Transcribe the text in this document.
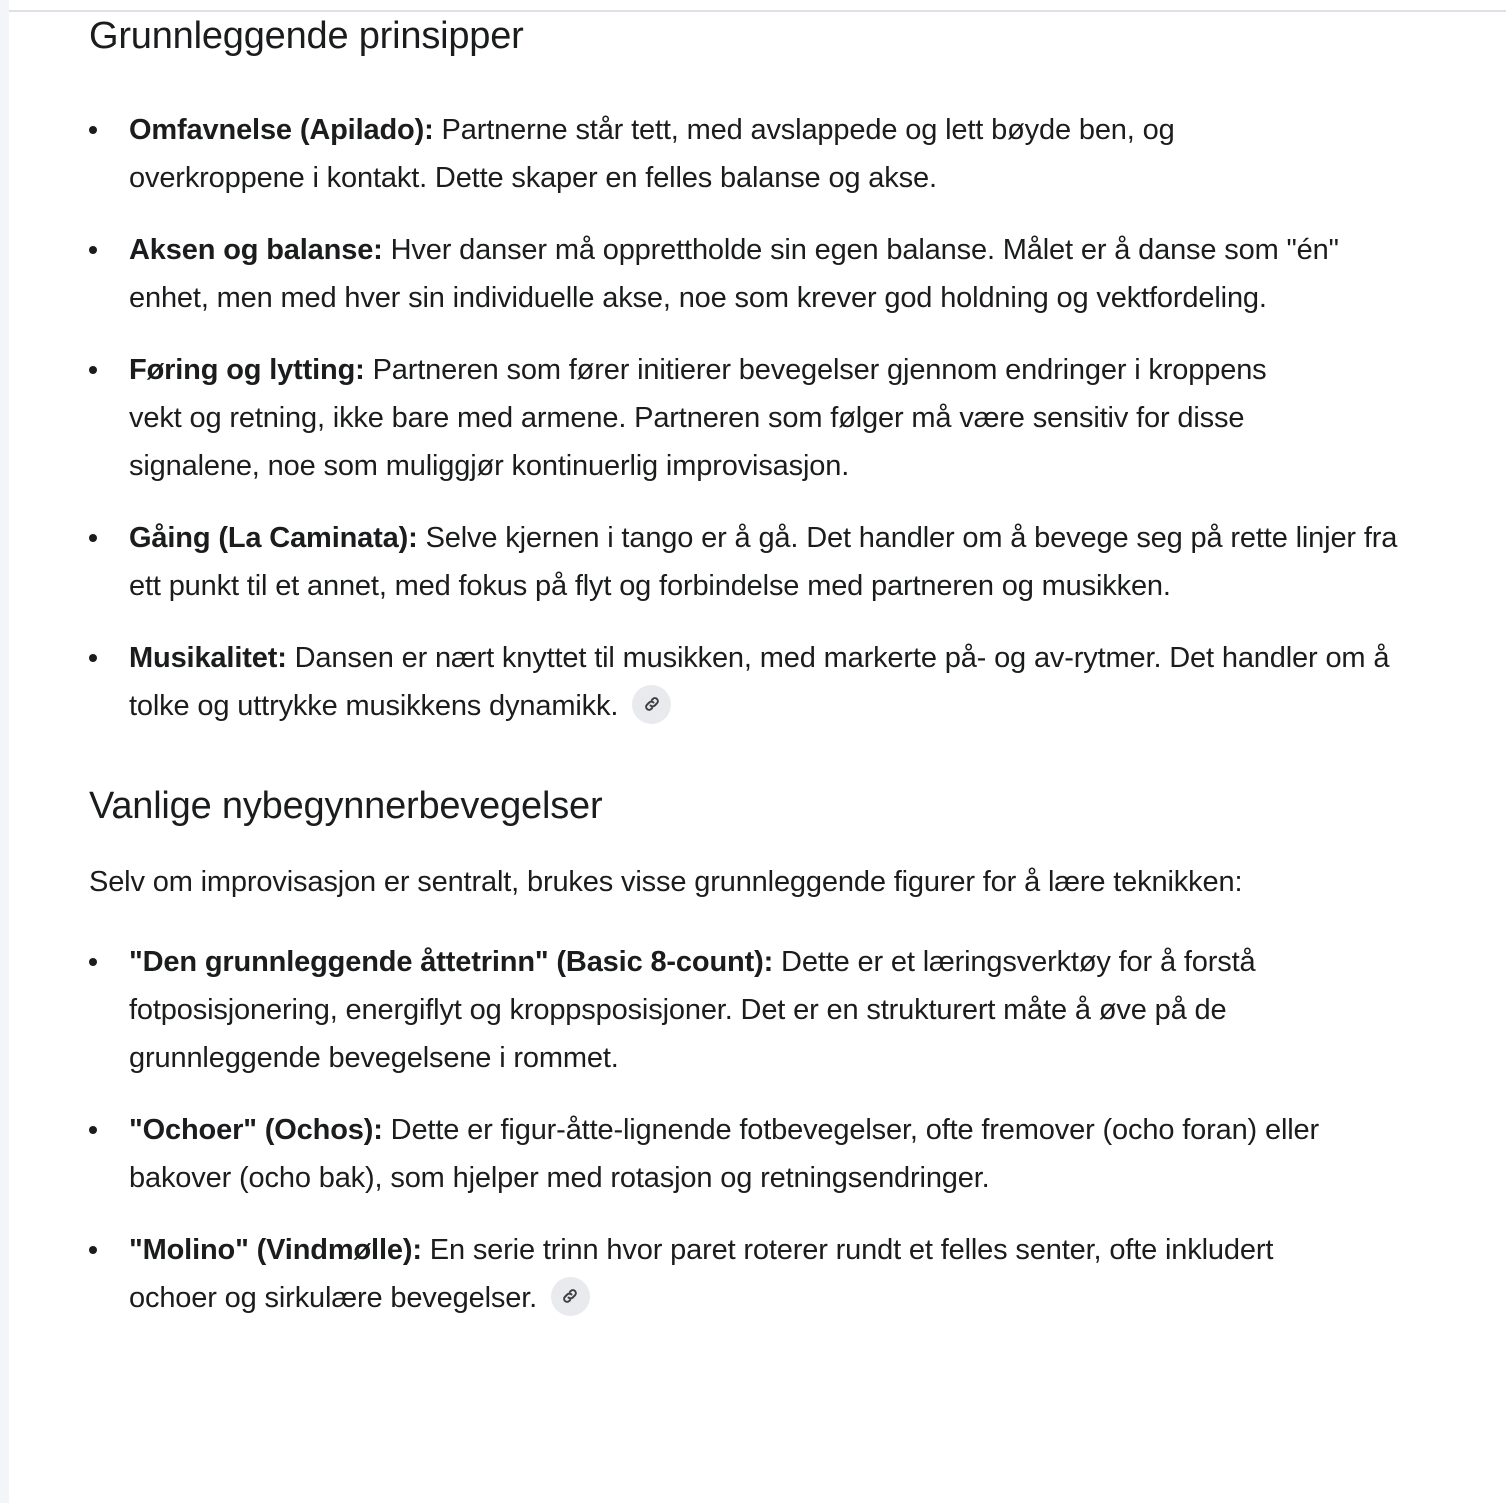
Grunnleggende prinsipper
Omfavnelse (Apilado): Partnerne står tett, med avslappede og lett bøyde ben, og overkroppene i kontakt. Dette skaper en felles balanse og akse.
Aksen og balanse: Hver danser må opprettholde sin egen balanse. Målet er å danse som "én" enhet, men med hver sin individuelle akse, noe som krever god holdning og vektfordeling.
Føring og lytting: Partneren som fører initierer bevegelser gjennom endringer i kroppens vekt og retning, ikke bare med armene. Partneren som følger må være sensitiv for disse signalene, noe som muliggjør kontinuerlig improvisasjon.
Gåing (La Caminata): Selve kjernen i tango er å gå. Det handler om å bevege seg på rette linjer fra ett punkt til et annet, med fokus på flyt og forbindelse med partneren og musikken.
Musikalitet: Dansen er nært knyttet til musikken, med markerte på- og av-rytmer. Det handler om å tolke og uttrykke musikkens dynamikk.
Vanlige nybegynnerbevegelser

Selv om improvisasjon er sentralt, brukes visse grunnleggende figurer for å lære teknikken:

"Den grunnleggende åttetrinn" (Basic 8-count): Dette er et læringsverktøy for å forstå fotposisjonering, energiflyt og kroppsposisjoner. Det er en strukturert måte å øve på de grunnleggende bevegelsene i rommet.
"Ochoer" (Ochos): Dette er figur-åtte-lignende fotbevegelser, ofte fremover (ocho foran) eller bakover (ocho bak), som hjelper med rotasjon og retningsendringer.
"Molino" (Vindmølle): En serie trinn hvor paret roterer rundt et felles senter, ofte inkludert ochoer og sirkulære bevegelser.
